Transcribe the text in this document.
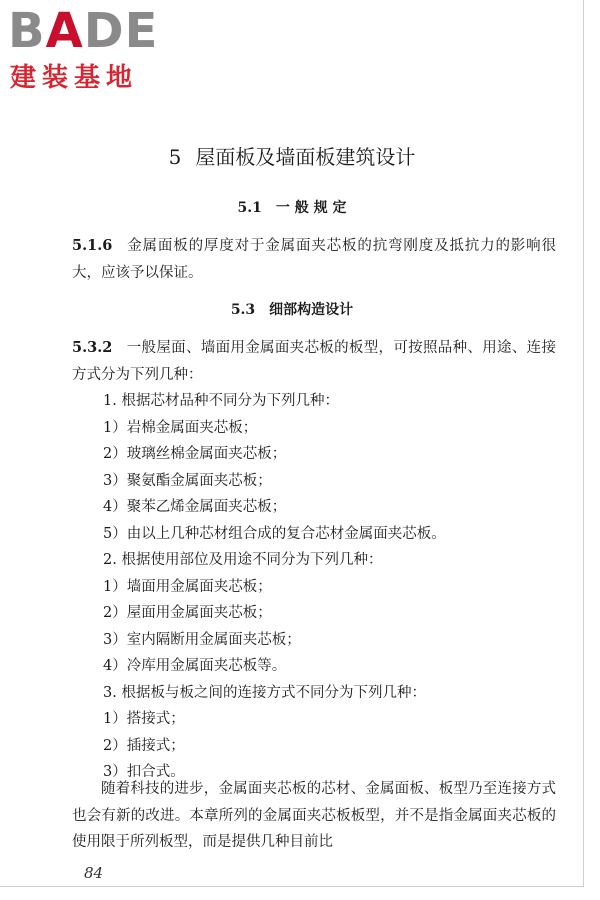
BADE
建装基地
5 屋面板及墙面板建筑设计
5.1 一 般 规 定
5.1.6 金属面板的厚度对于金属面夹芯板的抗弯刚度及抵抗力的影响很大，应该予以保证。
5.3 细部构造设计
5.3.2 一般屋面、墙面用金属面夹芯板的板型，可按照品种、用途、连接方式分为下列几种：
1. 根据芯材品种不同分为下列几种：
1）岩棉金属面夹芯板；
2）玻璃丝棉金属面夹芯板；
3）聚氨酯金属面夹芯板；
4）聚苯乙烯金属面夹芯板；
5）由以上几种芯材组合成的复合芯材金属面夹芯板。
2. 根据使用部位及用途不同分为下列几种：
1）墙面用金属面夹芯板；
2）屋面用金属面夹芯板；
3）室内隔断用金属面夹芯板；
4）冷库用金属面夹芯板等。
3. 根据板与板之间的连接方式不同分为下列几种：
1）搭接式；
2）插接式；
3）扣合式。
随着科技的进步，金属面夹芯板的芯材、金属面板、板型乃至连接方式也会有新的改进。本章所列的金属面夹芯板板型，并不是指金属面夹芯板的使用限于所列板型，而是提供几种目前比
84
